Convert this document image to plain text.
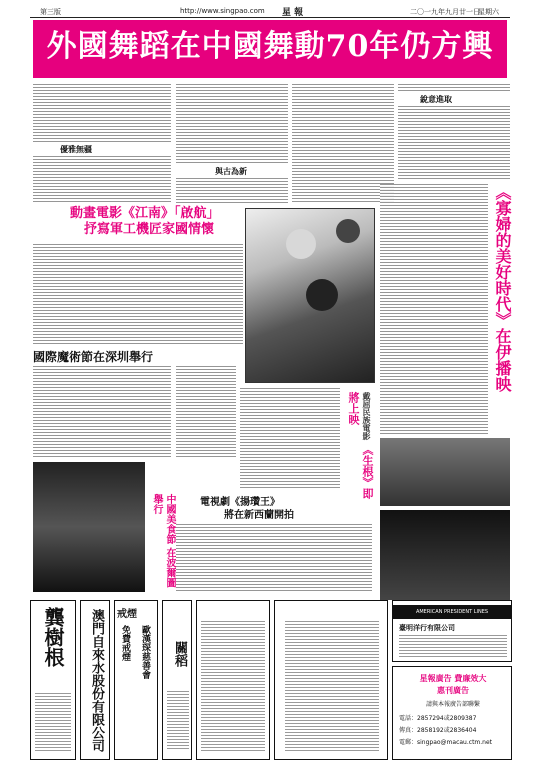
第三版	http://www.singpao.com 星 報	二〇一九年九月廿一日
星期六
外國舞蹈在中國舞動70年仍方興
優雅無疆
與古為新
銳意進取
動畫電影《江南》「啟航」
抒寫軍工機匠家國情懷	《寡婦的美好時代》在伊播映
國際魔術節在深圳舉行
戴屈民族電影 《生根》即將上映
中國美食節 在波爾圖舉行	電視劇《揚瓚王》
將在新西蘭開拍
龔樹根 澳門自來水股份有限公司 戒煙
免費戒煙 歐漢琛慈善會 關稻
AMERICAN PRESIDENT LINES
臺明洋行有限公司
星報廣告 費廉效大
惠刊廣告
請與本報廣告部聯繫
電話：2857294或2809387
傳真：2858192或2836404
電郵：singpao@macau.ctm.net
